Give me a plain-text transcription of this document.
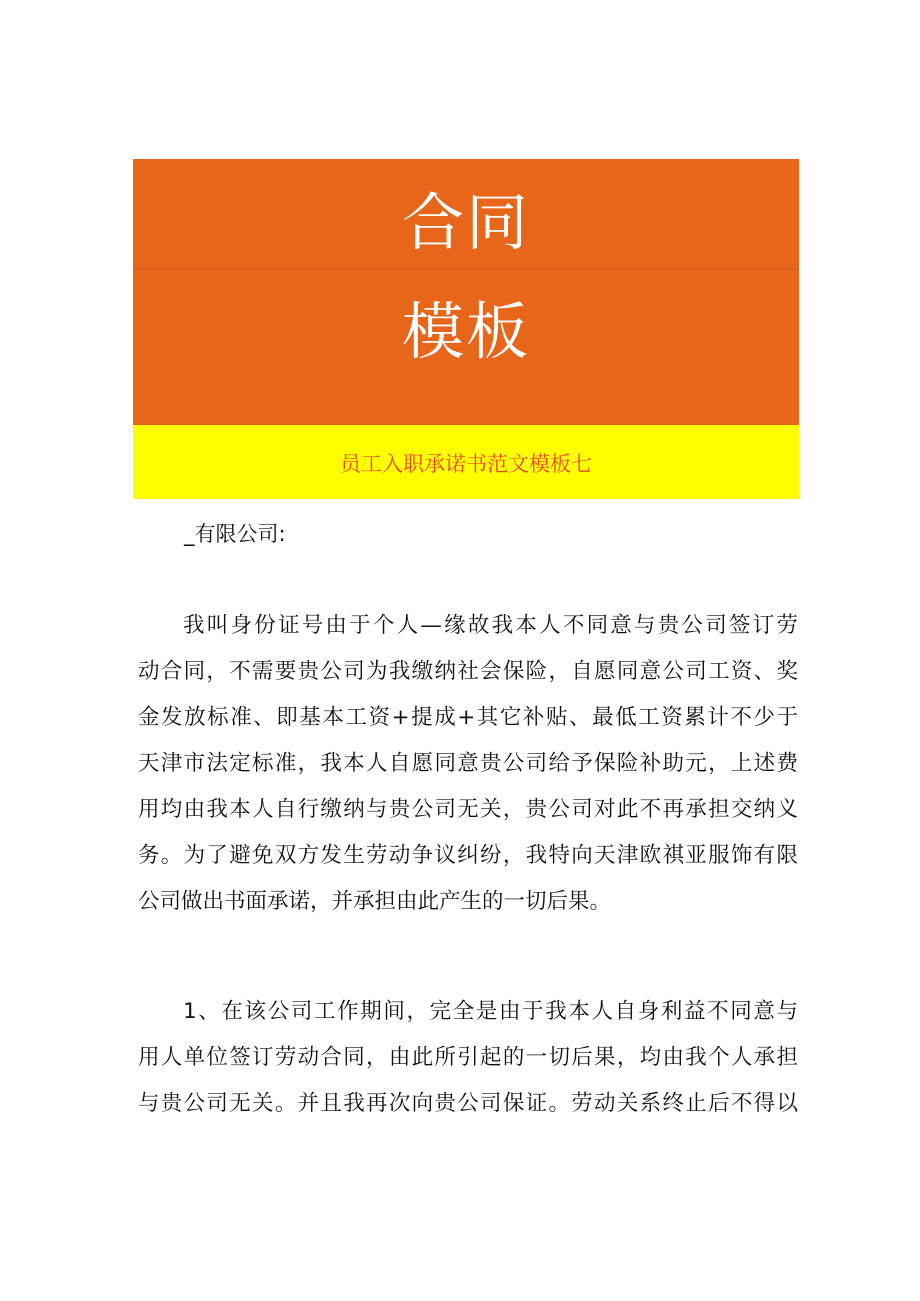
合同
模板
员工入职承诺书范文模板七
_有限公司:
我叫身份证号由于个人—缘故我本人不同意与贵公司签订劳
动合同，不需要贵公司为我缴纳社会保险，自愿同意公司工资、奖
金发放标准、即基本工资+提成+其它补贴、最低工资累计不少于
天津市法定标准，我本人自愿同意贵公司给予保险补助元，上述费
用均由我本人自行缴纳与贵公司无关，贵公司对此不再承担交纳义
务。为了避免双方发生劳动争议纠纷，我特向天津欧祺亚服饰有限
公司做出书面承诺，并承担由此产生的一切后果。
1、在该公司工作期间，完全是由于我本人自身利益不同意与
用人单位签订劳动合同，由此所引起的一切后果，均由我个人承担
与贵公司无关。并且我再次向贵公司保证。劳动关系终止后不得以
